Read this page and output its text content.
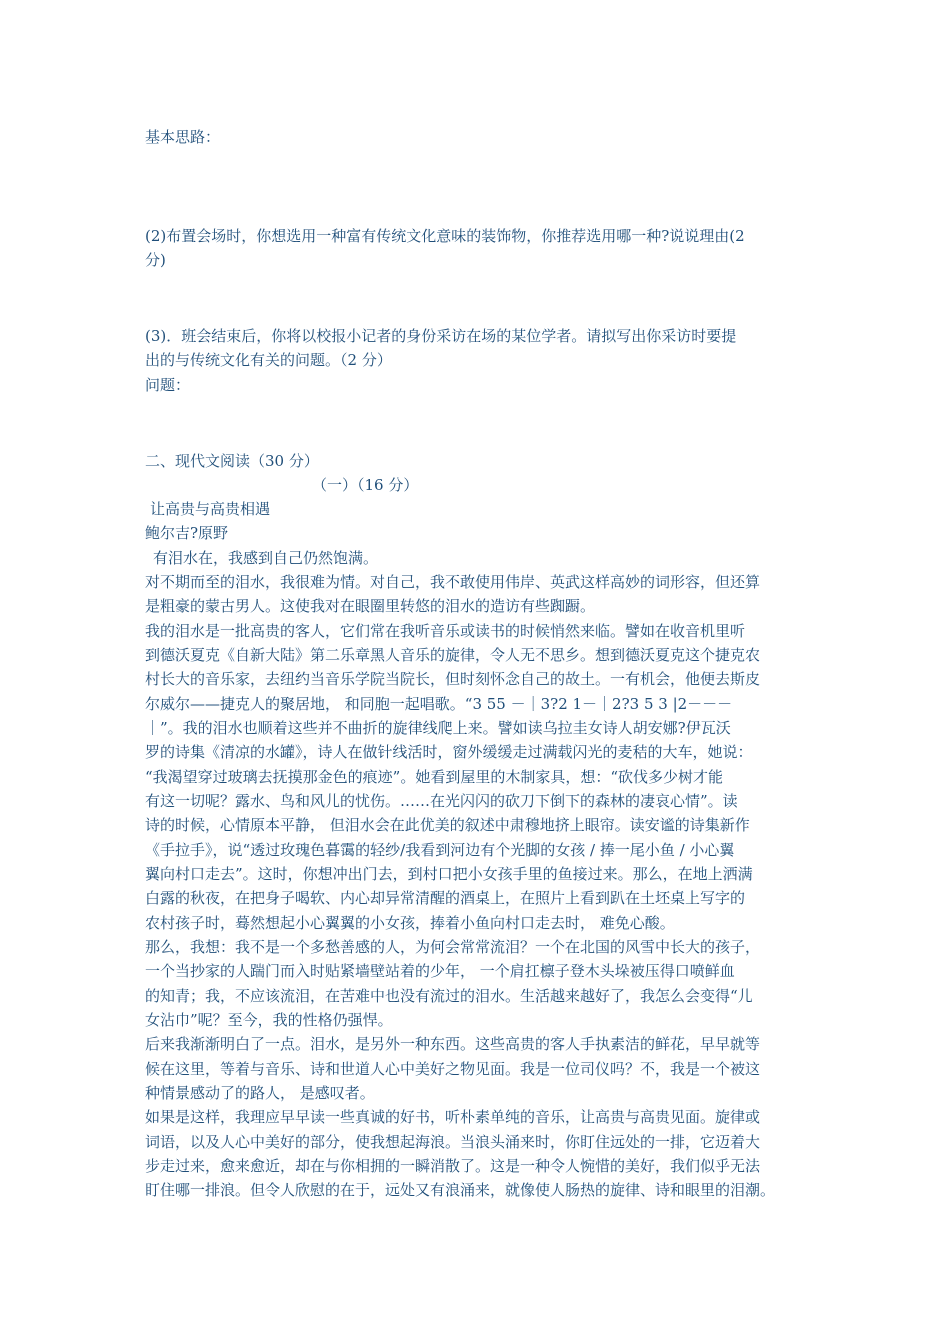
基本思路：
(2)布置会场时，你想选用一种富有传统文化意味的装饰物，你推荐选用哪一种?说说理由(2
分)
(3)．班会结束后，你将以校报小记者的身份采访在场的某位学者。请拟写出你采访时要提
出的与传统文化有关的问题。（2 分）
问题：
二、现代文阅读（30 分）
（一）（16 分）
让高贵与高贵相遇
鲍尔吉?原野
有泪水在，我感到自己仍然饱满。
对不期而至的泪水，我很难为情。对自己，我不敢使用伟岸、英武这样高妙的词形容，但还算
是粗豪的蒙古男人。这使我对在眼圈里转悠的泪水的造访有些踟蹰。
我的泪水是一批高贵的客人，它们常在我听音乐或读书的时候悄然来临。譬如在收音机里听
到德沃夏克《自新大陆》第二乐章黑人音乐的旋律，令人无不思乡。想到德沃夏克这个捷克农
村长大的音乐家，去纽约当音乐学院当院长，但时刻怀念自己的故土。一有机会，他便去斯皮
尔威尔——捷克人的聚居地， 和同胞一起唱歌。“3 55 －｜3?2 1－｜2?3 5 3 |2－－－
｜”。我的泪水也顺着这些并不曲折的旋律线爬上来。譬如读乌拉圭女诗人胡安娜?伊瓦沃
罗的诗集《清凉的水罐》，诗人在做针线活时，窗外缓缓走过满载闪光的麦秸的大车，她说：
“我渴望穿过玻璃去抚摸那金色的痕迹”。她看到屋里的木制家具，想：“砍伐多少树才能
有这一切呢？露水、鸟和风儿的忧伤。……在光闪闪的砍刀下倒下的森林的凄哀心情”。读
诗的时候，心情原本平静， 但泪水会在此优美的叙述中肃穆地挤上眼帘。读安谧的诗集新作
《手拉手》，说“透过玫瑰色暮霭的轻纱/我看到河边有个光脚的女孩 / 捧一尾小鱼 / 小心翼
翼向村口走去”。这时，你想冲出门去，到村口把小女孩手里的鱼接过来。那么，在地上洒满
白露的秋夜，在把身子喝软、内心却异常清醒的酒桌上，在照片上看到趴在土坯桌上写字的
农村孩子时，蓦然想起小心翼翼的小女孩，捧着小鱼向村口走去时， 难免心酸。
那么，我想：我不是一个多愁善感的人，为何会常常流泪？一个在北国的风雪中长大的孩子，
一个当抄家的人踹门而入时贴紧墙壁站着的少年， 一个肩扛檩子登木头垛被压得口喷鲜血
的知青；我，不应该流泪，在苦难中也没有流过的泪水。生活越来越好了，我怎么会变得“儿
女沾巾”呢？至今，我的性格仍强悍。
后来我渐渐明白了一点。泪水，是另外一种东西。这些高贵的客人手执素洁的鲜花，早早就等
候在这里，等着与音乐、诗和世道人心中美好之物见面。我是一位司仪吗？不，我是一个被这
种情景感动了的路人， 是感叹者。
如果是这样，我理应早早读一些真诚的好书，听朴素单纯的音乐，让高贵与高贵见面。旋律或
词语，以及人心中美好的部分，使我想起海浪。当浪头涌来时，你盯住远处的一排，它迈着大
步走过来，愈来愈近，却在与你相拥的一瞬消散了。这是一种令人惋惜的美好，我们似乎无法
盯住哪一排浪。但令人欣慰的在于，远处又有浪涌来，就像使人肠热的旋律、诗和眼里的泪潮。
